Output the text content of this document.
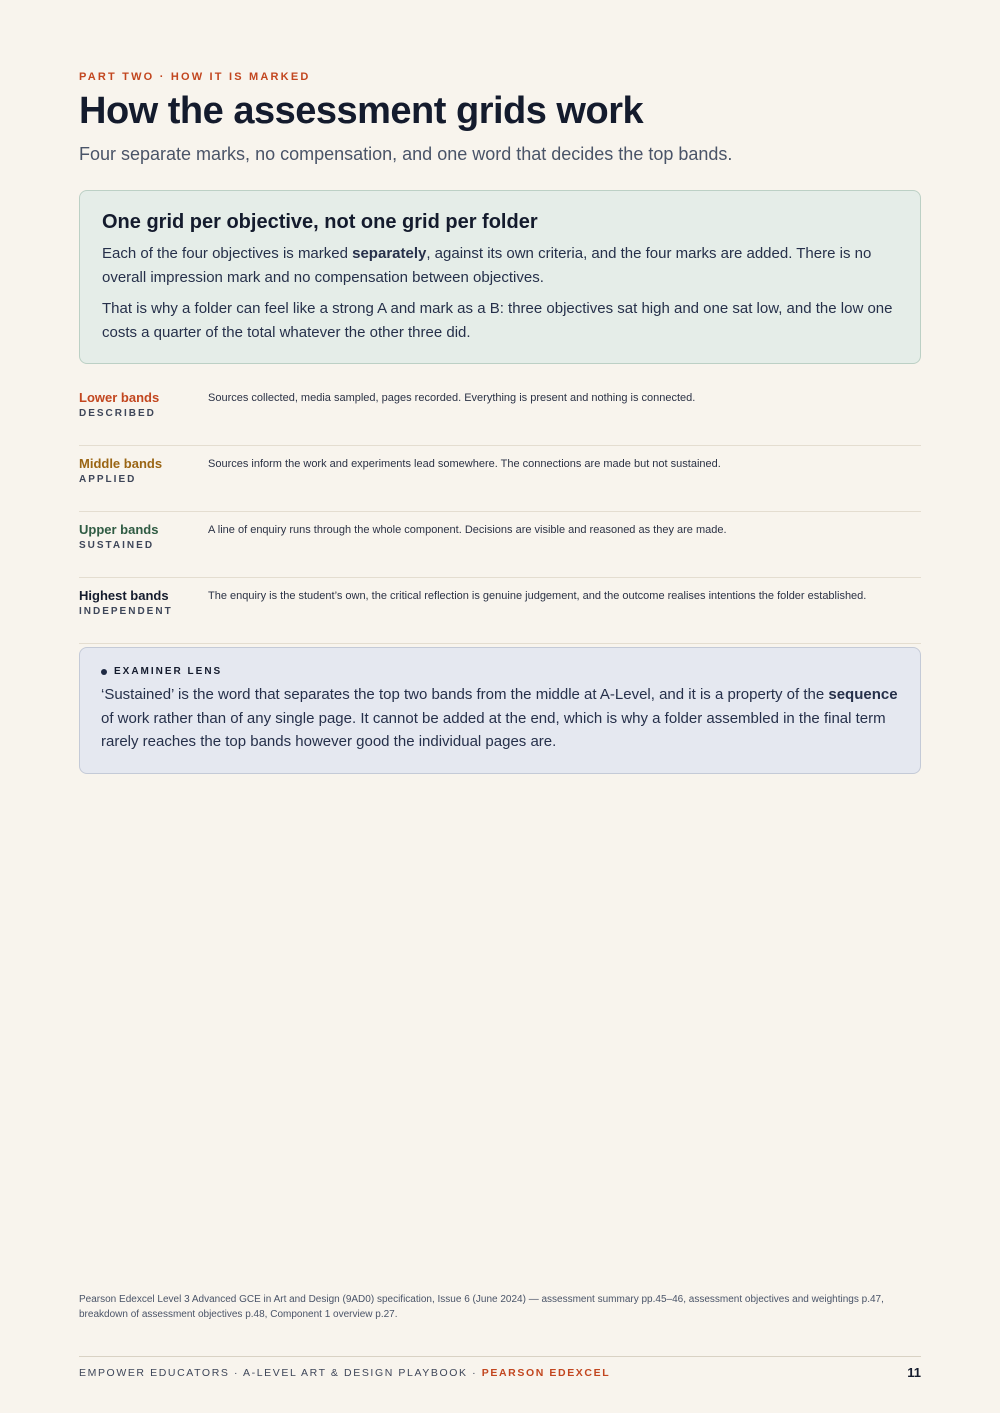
PART TWO · HOW IT IS MARKED
How the assessment grids work

Four separate marks, no compensation, and one word that decides the top bands.

One grid per objective, not one grid per folder

Each of the four objectives is marked separately, against its own criteria, and the four marks are added. There is no overall impression mark and no compensation between objectives.

That is why a folder can feel like a strong A and mark as a B: three objectives sat high and one sat low, and the low one costs a quarter of the total whatever the other three did.

Lower bands
DESCRIBED
Sources collected, media sampled, pages recorded. Everything is present and nothing is connected.
Middle bands
APPLIED
Sources inform the work and experiments lead somewhere. The connections are made but not sustained.
Upper bands
SUSTAINED
A line of enquiry runs through the whole component. Decisions are visible and reasoned as they are made.
Highest bands
INDEPENDENT
The enquiry is the student’s own, the critical reflection is genuine judgement, and the outcome realises intentions the folder established.
EXAMINER LENS

‘Sustained’ is the word that separates the top two bands from the middle at A-Level, and it is a property of the sequence of work rather than of any single page. It cannot be added at the end, which is why a folder assembled in the final term rarely reaches the top bands however good the individual pages are.

Pearson Edexcel Level 3 Advanced GCE in Art and Design (9AD0) specification, Issue 6 (June 2024) — assessment summary pp.45–46, assessment objectives and weightings p.47, breakdown of assessment objectives p.48, Component 1 overview p.27.
EMPOWER EDUCATORS · A-LEVEL ART & DESIGN PLAYBOOK · PEARSON EDEXCEL	11
